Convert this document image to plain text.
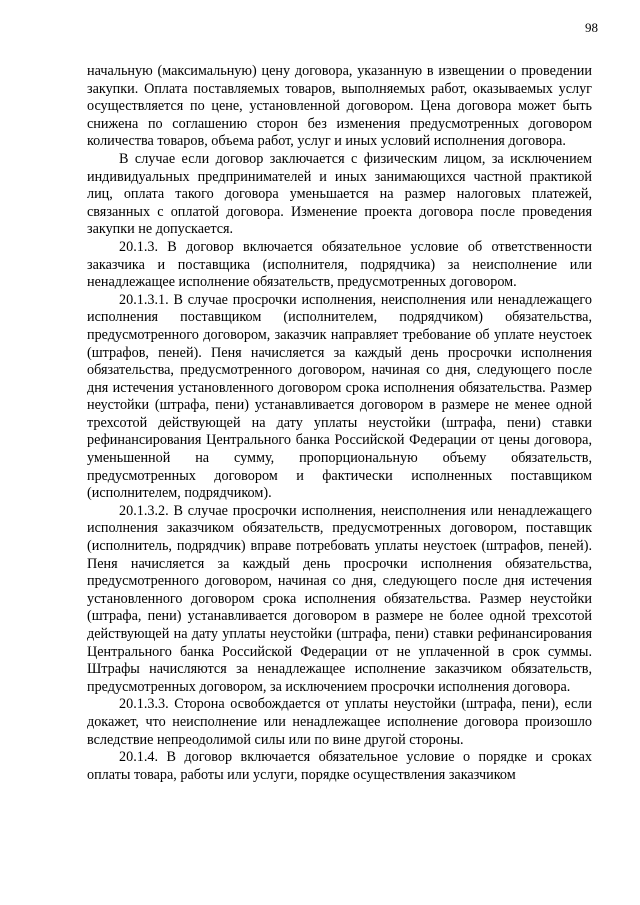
98

начальную (максимальную) цену договора, указанную в извещении о проведении закупки. Оплата поставляемых товаров, выполняемых работ, оказываемых услуг осуществляется по цене, установленной договором. Цена договора может быть снижена по соглашению сторон без изменения предусмотренных договором количества товаров, объема работ, услуг и иных условий исполнения договора.

В случае если договор заключается с физическим лицом, за исключением индивидуальных предпринимателей и иных занимающихся частной практикой лиц, оплата такого договора уменьшается на размер налоговых платежей, связанных с оплатой договора. Изменение проекта договора после проведения закупки не допускается.

20.1.3. В договор включается обязательное условие об ответственности заказчика и поставщика (исполнителя, подрядчика) за неисполнение или ненадлежащее исполнение обязательств, предусмотренных договором.

20.1.3.1. В случае просрочки исполнения, неисполнения или ненадлежащего исполнения поставщиком (исполнителем, подрядчиком) обязательства, предусмотренного договором, заказчик направляет требование об уплате неустоек (штрафов, пеней). Пеня начисляется за каждый день просрочки исполнения обязательства, предусмотренного договором, начиная со дня, следующего после дня истечения установленного договором срока исполнения обязательства. Размер неустойки (штрафа, пени) устанавливается договором в размере не менее одной трехсотой действующей на дату уплаты неустойки (штрафа, пени) ставки рефинансирования Центрального банка Российской Федерации от цены договора, уменьшенной на сумму, пропорциональную объему обязательств, предусмотренных договором и фактически исполненных поставщиком (исполнителем, подрядчиком).

20.1.3.2. В случае просрочки исполнения, неисполнения или ненадлежащего исполнения заказчиком обязательств, предусмотренных договором, поставщик (исполнитель, подрядчик) вправе потребовать уплаты неустоек (штрафов, пеней). Пеня начисляется за каждый день просрочки исполнения обязательства, предусмотренного договором, начиная со дня, следующего после дня истечения установленного договором срока исполнения обязательства. Размер неустойки (штрафа, пени) устанавливается договором в размере не более одной трехсотой действующей на дату уплаты неустойки (штрафа, пени) ставки рефинансирования Центрального банка Российской Федерации от не уплаченной в срок суммы. Штрафы начисляются за ненадлежащее исполнение заказчиком обязательств, предусмотренных договором, за исключением просрочки исполнения договора.

20.1.3.3. Сторона освобождается от уплаты неустойки (штрафа, пени), если докажет, что неисполнение или ненадлежащее исполнение договора произошло вследствие непреодолимой силы или по вине другой стороны.

20.1.4. В договор включается обязательное условие о порядке и сроках оплаты товара, работы или услуги, порядке осуществления заказчиком
